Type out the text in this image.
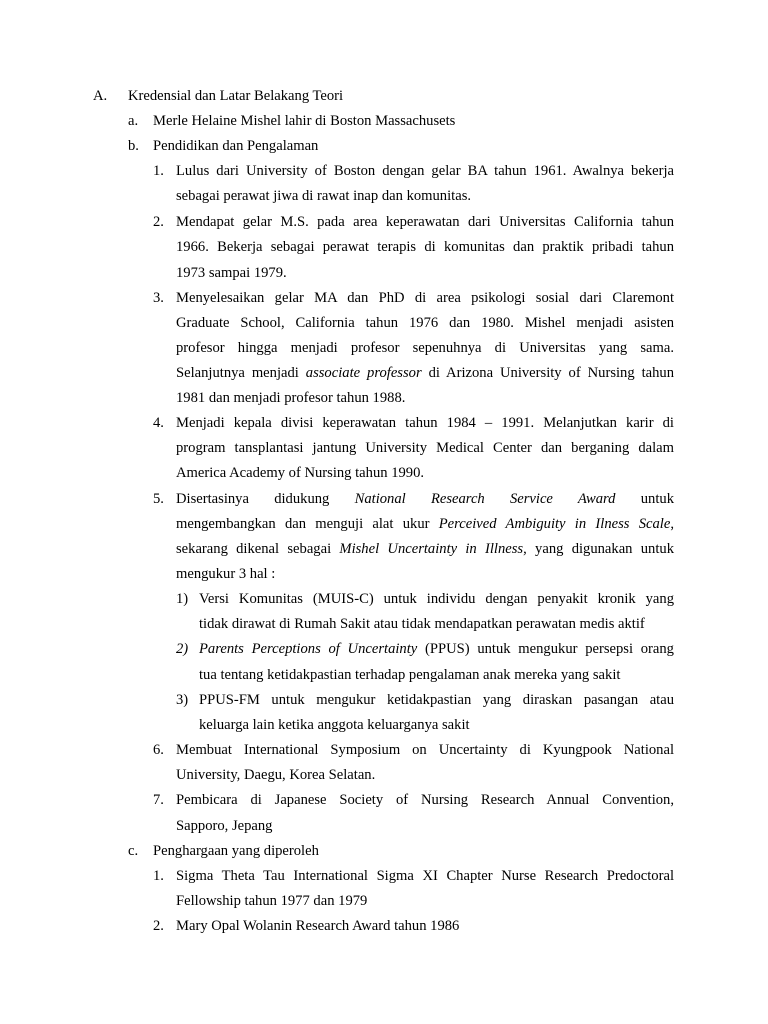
A. Kredensial dan Latar Belakang Teori
a. Merle Helaine Mishel lahir di Boston Massachusets
b. Pendidikan dan Pengalaman
1. Lulus dari University of Boston dengan gelar BA tahun 1961. Awalnya bekerja
sebagai perawat jiwa di rawat inap dan komunitas.
2. Mendapat gelar M.S. pada area keperawatan dari Universitas California tahun
1966. Bekerja sebagai perawat terapis di komunitas dan praktik pribadi tahun
1973 sampai 1979.
3. Menyelesaikan gelar MA dan PhD di area psikologi sosial dari Claremont
Graduate School, California tahun 1976 dan 1980. Mishel menjadi asisten
profesor hingga menjadi profesor sepenuhnya di Universitas yang sama.
Selanjutnya menjadi associate professor di Arizona University of Nursing tahun
1981 dan menjadi profesor tahun 1988.
4. Menjadi kepala divisi keperawatan tahun 1984 – 1991. Melanjutkan karir di
program tansplantasi jantung University Medical Center dan berganing dalam
America Academy of Nursing tahun 1990.
5. Disertasinya didukung National Research Service Award untuk
mengembangkan dan menguji alat ukur Perceived Ambiguity in Ilness Scale,
sekarang dikenal sebagai Mishel Uncertainty in Illness, yang digunakan untuk
mengukur 3 hal :
1) Versi Komunitas (MUIS-C) untuk individu dengan penyakit kronik yang
tidak dirawat di Rumah Sakit atau tidak mendapatkan perawatan medis aktif
2) Parents Perceptions of Uncertainty (PPUS) untuk mengukur persepsi orang
tua tentang ketidakpastian terhadap pengalaman anak mereka yang sakit
3) PPUS-FM untuk mengukur ketidakpastian yang diraskan pasangan atau
keluarga lain ketika anggota keluarganya sakit
6. Membuat International Symposium on Uncertainty di Kyungpook National
University, Daegu, Korea Selatan.
7. Pembicara di Japanese Society of Nursing Research Annual Convention,
Sapporo, Jepang
c. Penghargaan yang diperoleh
1. Sigma Theta Tau International Sigma XI Chapter Nurse Research Predoctoral
Fellowship tahun 1977 dan 1979
2. Mary Opal Wolanin Research Award tahun 1986
